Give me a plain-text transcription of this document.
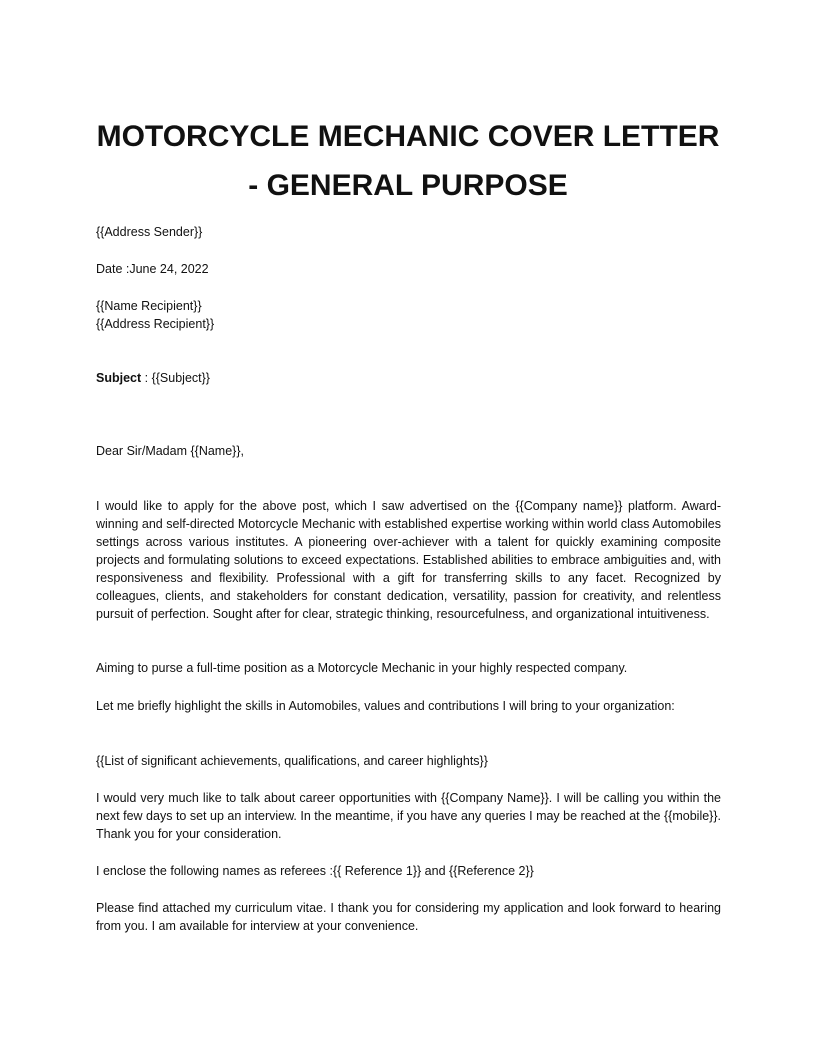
MOTORCYCLE MECHANIC COVER LETTER - GENERAL PURPOSE

{{Address Sender}}

Date :June 24, 2022

{{Name Recipient}}

{{Address Recipient}}

Subject : {{Subject}}

Dear Sir/Madam {{Name}},

I would like to apply for the above post, which I saw advertised on the {{Company name}} platform. Award-winning and self-directed Motorcycle Mechanic with established expertise working within world class Automobiles settings across various institutes. A pioneering over-achiever with a talent for quickly examining composite projects and formulating solutions to exceed expectations. Established abilities to embrace ambiguities and, with responsiveness and flexibility. Professional with a gift for transferring skills to any facet. Recognized by colleagues, clients, and stakeholders for constant dedication, versatility, passion for creativity, and relentless pursuit of perfection. Sought after for clear, strategic thinking, resourcefulness, and organizational intuitiveness.

Aiming to purse a full-time position as a Motorcycle Mechanic in your highly respected company.

Let me briefly highlight the skills in Automobiles, values and contributions I will bring to your organization:

{{List of significant achievements, qualifications, and career highlights}}

I would very much like to talk about career opportunities with {{Company Name}}. I will be calling you within the next few days to set up an interview. In the meantime, if you have any queries I may be reached at the {{mobile}}. Thank you for your consideration.

I enclose the following names as referees :{{ Reference 1}} and {{Reference 2}}

Please find attached my curriculum vitae. I thank you for considering my application and look forward to hearing from you. I am available for interview at your convenience.
